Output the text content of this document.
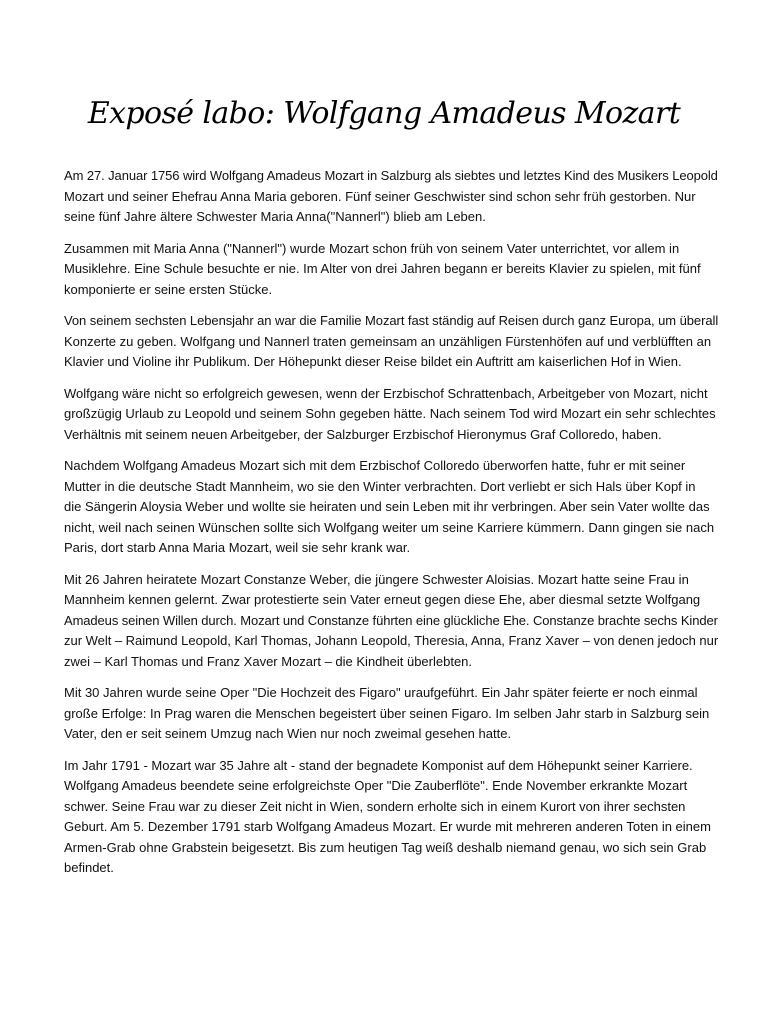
Exposé labo: Wolfgang Amadeus Mozart

Am 27. Januar 1756 wird Wolfgang Amadeus Mozart in Salzburg als siebtes und letztes Kind des Musikers Leopold
Mozart und seiner Ehefrau Anna Maria geboren. Fünf seiner Geschwister sind schon sehr früh gestorben. Nur
seine fünf Jahre ältere Schwester Maria Anna("Nannerl") blieb am Leben.

Zusammen mit Maria Anna ("Nannerl") wurde Mozart schon früh von seinem Vater unterrichtet, vor allem in
Musiklehre. Eine Schule besuchte er nie. Im Alter von drei Jahren begann er bereits Klavier zu spielen, mit fünf
komponierte er seine ersten Stücke.

Von seinem sechsten Lebensjahr an war die Familie Mozart fast ständig auf Reisen durch ganz Europa, um überall
Konzerte zu geben. Wolfgang und Nannerl traten gemeinsam an unzähligen Fürstenhöfen auf und verblüfften an
Klavier und Violine ihr Publikum. Der Höhepunkt dieser Reise bildet ein Auftritt am kaiserlichen Hof in Wien.

Wolfgang wäre nicht so erfolgreich gewesen, wenn der Erzbischof Schrattenbach, Arbeitgeber von Mozart, nicht
großzügig Urlaub zu Leopold und seinem Sohn gegeben hätte. Nach seinem Tod wird Mozart ein sehr schlechtes
Verhältnis mit seinem neuen Arbeitgeber, der Salzburger Erzbischof Hieronymus Graf Colloredo, haben.

Nachdem Wolfgang Amadeus Mozart sich mit dem Erzbischof Colloredo überworfen hatte, fuhr er mit seiner
Mutter in die deutsche Stadt Mannheim, wo sie den Winter verbrachten. Dort verliebt er sich Hals über Kopf in
die Sängerin Aloysia Weber und wollte sie heiraten und sein Leben mit ihr verbringen. Aber sein Vater wollte das
nicht, weil nach seinen Wünschen sollte sich Wolfgang weiter um seine Karriere kümmern. Dann gingen sie nach
Paris, dort starb Anna Maria Mozart, weil sie sehr krank war.

Mit 26 Jahren heiratete Mozart Constanze Weber, die jüngere Schwester Aloisias. Mozart hatte seine Frau in
Mannheim kennen gelernt. Zwar protestierte sein Vater erneut gegen diese Ehe, aber diesmal setzte Wolfgang
Amadeus seinen Willen durch. Mozart und Constanze führten eine glückliche Ehe. Constanze brachte sechs Kinder
zur Welt – Raimund Leopold, Karl Thomas, Johann Leopold, Theresia, Anna, Franz Xaver – von denen jedoch nur
zwei – Karl Thomas und Franz Xaver Mozart – die Kindheit überlebten.

Mit 30 Jahren wurde seine Oper "Die Hochzeit des Figaro" uraufgeführt. Ein Jahr später feierte er noch einmal
große Erfolge: In Prag waren die Menschen begeistert über seinen Figaro. Im selben Jahr starb in Salzburg sein
Vater, den er seit seinem Umzug nach Wien nur noch zweimal gesehen hatte.

Im Jahr 1791 - Mozart war 35 Jahre alt - stand der begnadete Komponist auf dem Höhepunkt seiner Karriere.
Wolfgang Amadeus beendete seine erfolgreichste Oper "Die Zauberflöte". Ende November erkrankte Mozart
schwer. Seine Frau war zu dieser Zeit nicht in Wien, sondern erholte sich in einem Kurort von ihrer sechsten
Geburt. Am 5. Dezember 1791 starb Wolfgang Amadeus Mozart. Er wurde mit mehreren anderen Toten in einem
Armen-Grab ohne Grabstein beigesetzt. Bis zum heutigen Tag weiß deshalb niemand genau, wo sich sein Grab
befindet.
